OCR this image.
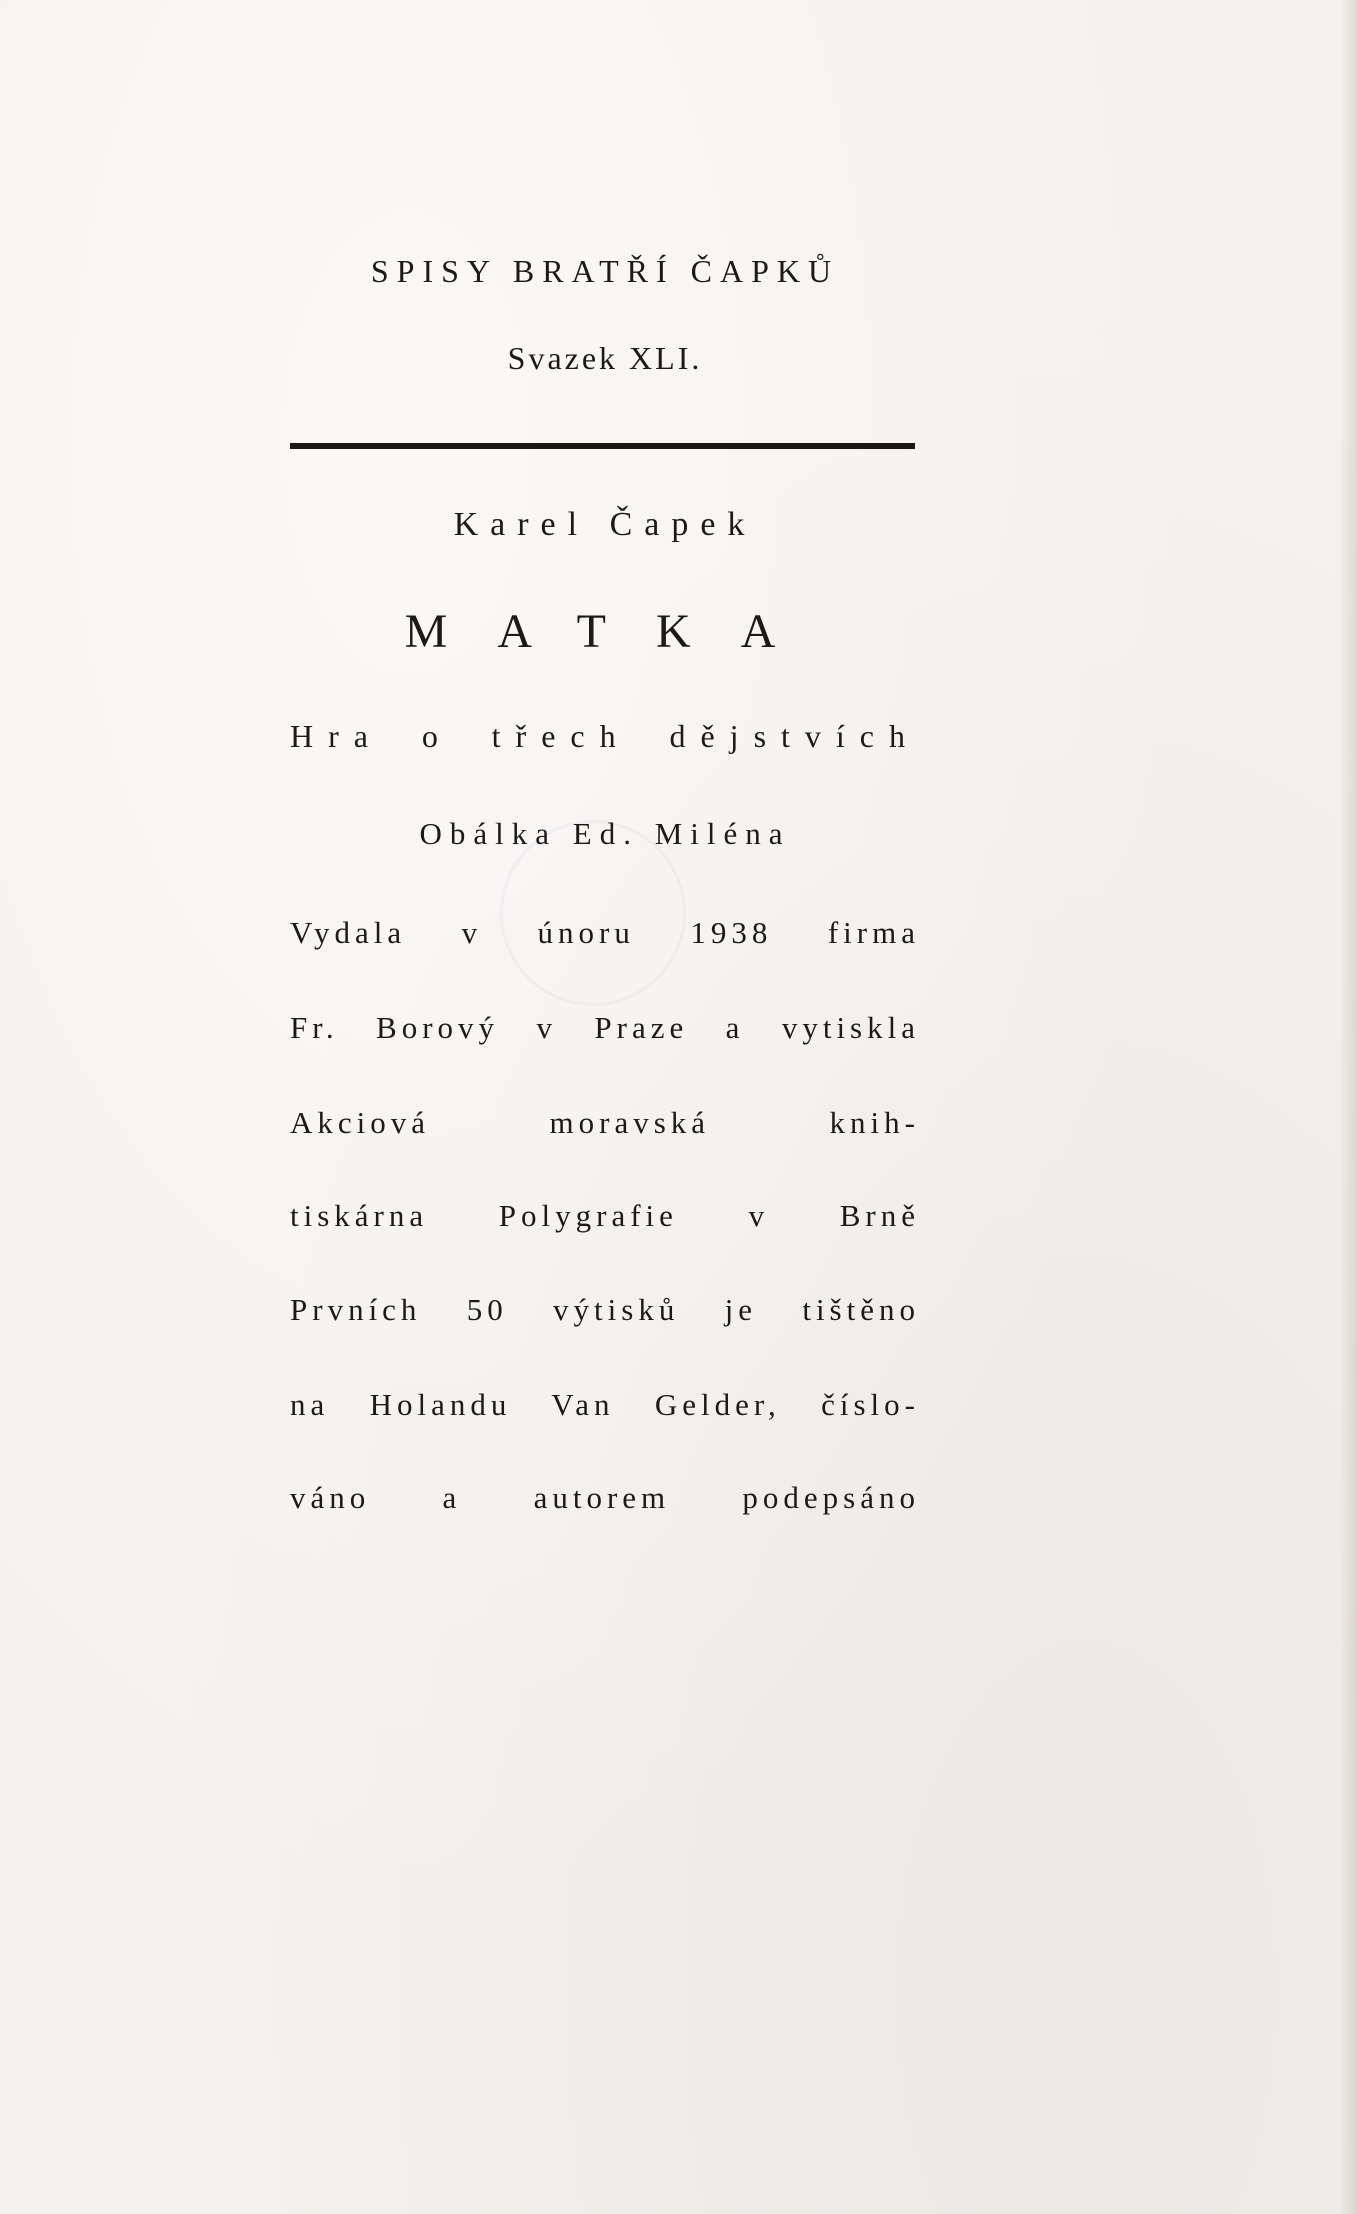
SPISY BRATŘÍ ČAPKŮ
Svazek XLI.
Karel Čapek
MATKA
Hra o třech dějstvích
Obálka Ed. Miléna
Vydala v únoru 1938 firma
Fr. Borový v Praze a vytiskla
Akciová moravská knih-
tiskárna Polygrafie v Brně
Prvních 50 výtisků je tištěno
na Holandu Van Gelder, číslo-
váno a autorem podepsáno
